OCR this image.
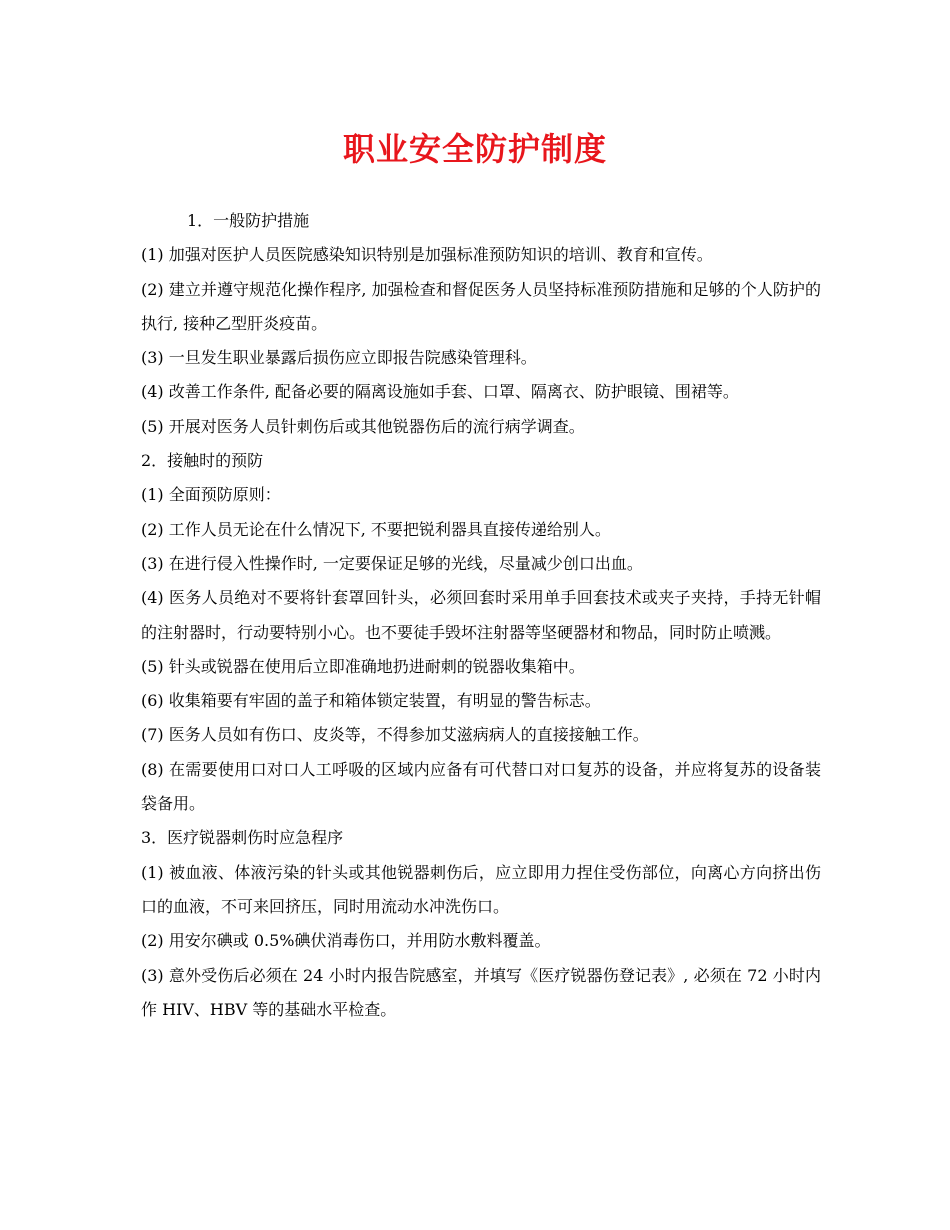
职业安全防护制度

1．一般防护措施

(1) 加强对医护人员医院感染知识特别是加强标准预防知识的培训、教育和宣传。

(2) 建立并遵守规范化操作程序, 加强检查和督促医务人员坚持标准预防措施和足够的个人防护的执行, 接种乙型肝炎疫苗。

(3) 一旦发生职业暴露后损伤应立即报告院感染管理科。

(4) 改善工作条件, 配备必要的隔离设施如手套、口罩、隔离衣、防护眼镜、围裙等。

(5) 开展对医务人员针刺伤后或其他锐器伤后的流行病学调查。

2．接触时的预防

(1) 全面预防原则：

(2) 工作人员无论在什么情况下, 不要把锐利器具直接传递给别人。

(3) 在进行侵入性操作时, 一定要保证足够的光线，尽量减少创口出血。

(4) 医务人员绝对不要将针套罩回针头，必须回套时采用单手回套技术或夹子夹持，手持无针帽的注射器时，行动要特别小心。也不要徒手毁坏注射器等坚硬器材和物品，同时防止喷溅。

(5) 针头或锐器在使用后立即准确地扔进耐刺的锐器收集箱中。

(6) 收集箱要有牢固的盖子和箱体锁定装置，有明显的警告标志。

(7) 医务人员如有伤口、皮炎等，不得参加艾滋病病人的直接接触工作。

(8) 在需要使用口对口人工呼吸的区域内应备有可代替口对口复苏的设备，并应将复苏的设备装袋备用。

3．医疗锐器刺伤时应急程序

(1) 被血液、体液污染的针头或其他锐器刺伤后，应立即用力捏住受伤部位，向离心方向挤出伤口的血液，不可来回挤压，同时用流动水冲洗伤口。

(2) 用安尔碘或 0.5%碘伏消毒伤口，并用防水敷料覆盖。

(3) 意外受伤后必须在 24 小时内报告院感室，并填写《医疗锐器伤登记表》, 必须在 72 小时内作 HIV、HBV 等的基础水平检查。
